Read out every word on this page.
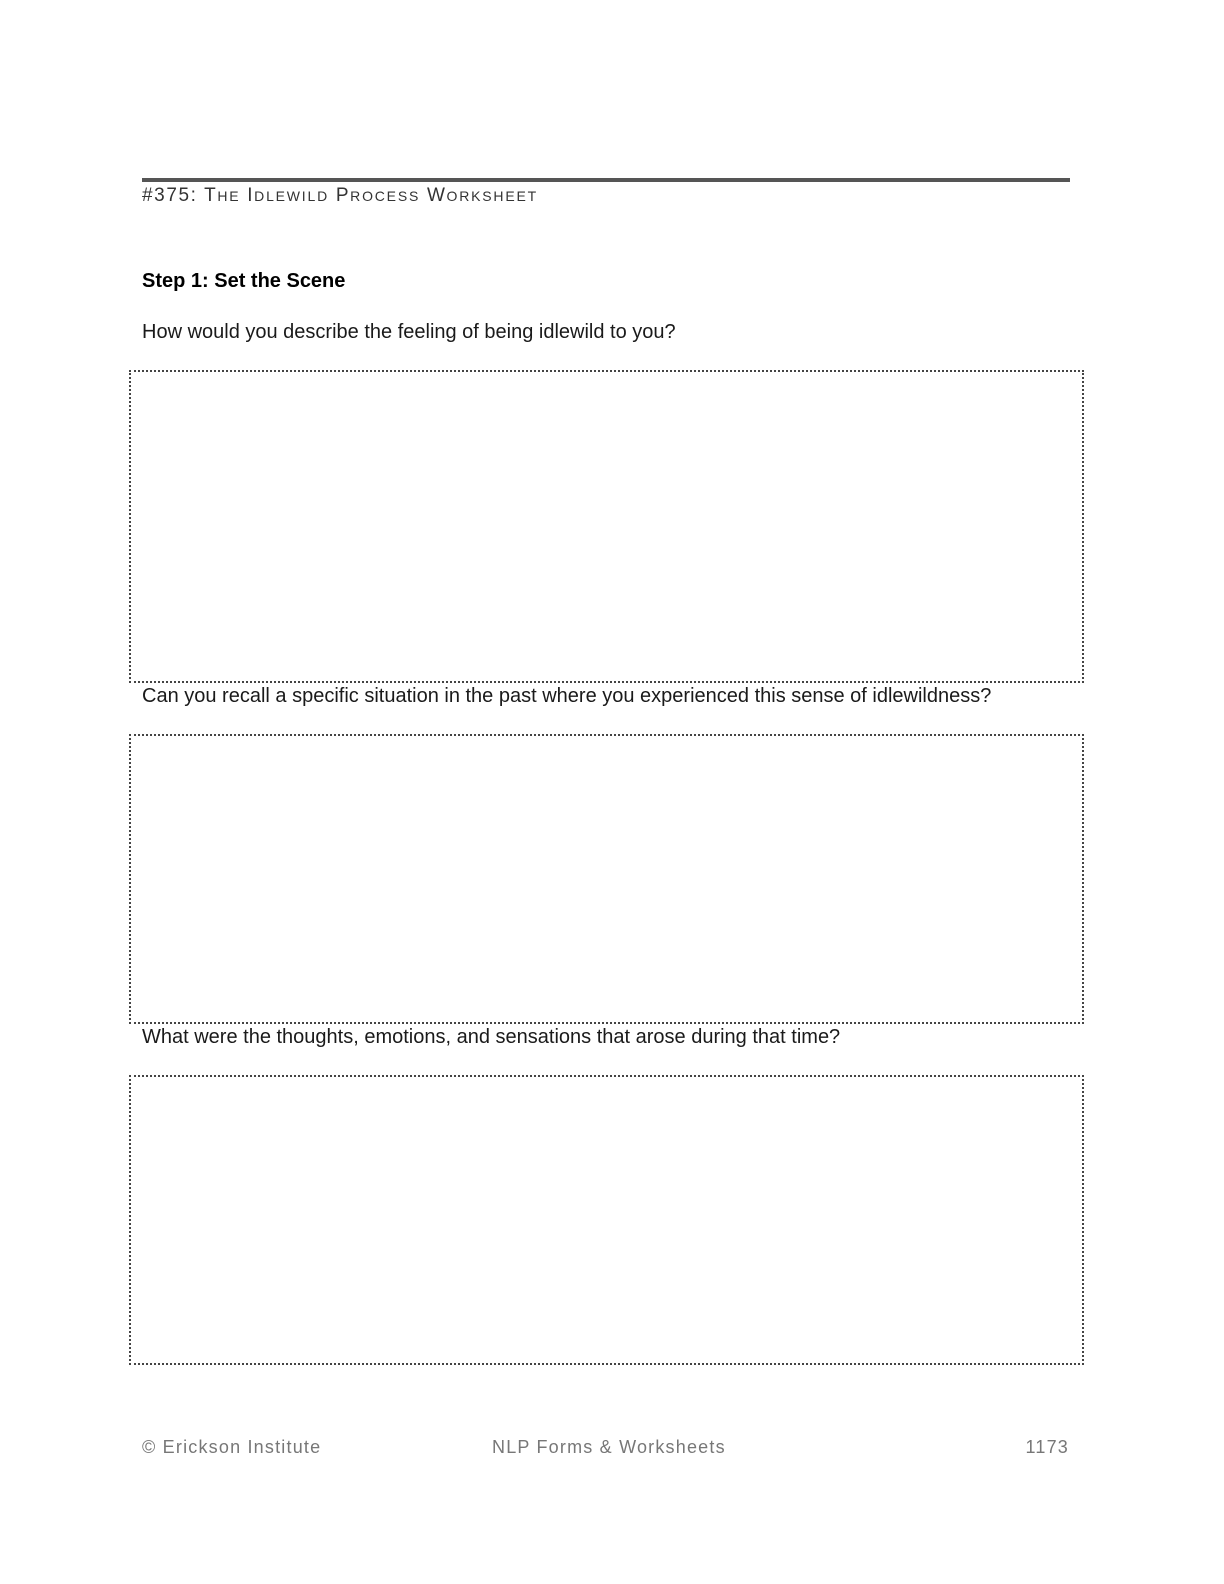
#375: THE IDLEWILD PROCESS WORKSHEET
Step 1: Set the Scene
How would you describe the feeling of being idlewild to you?
Can you recall a specific situation in the past where you experienced this sense of idlewildness?
What were the thoughts, emotions, and sensations that arose during that time?
© Erickson Institute	NLP Forms & Worksheets	1173
